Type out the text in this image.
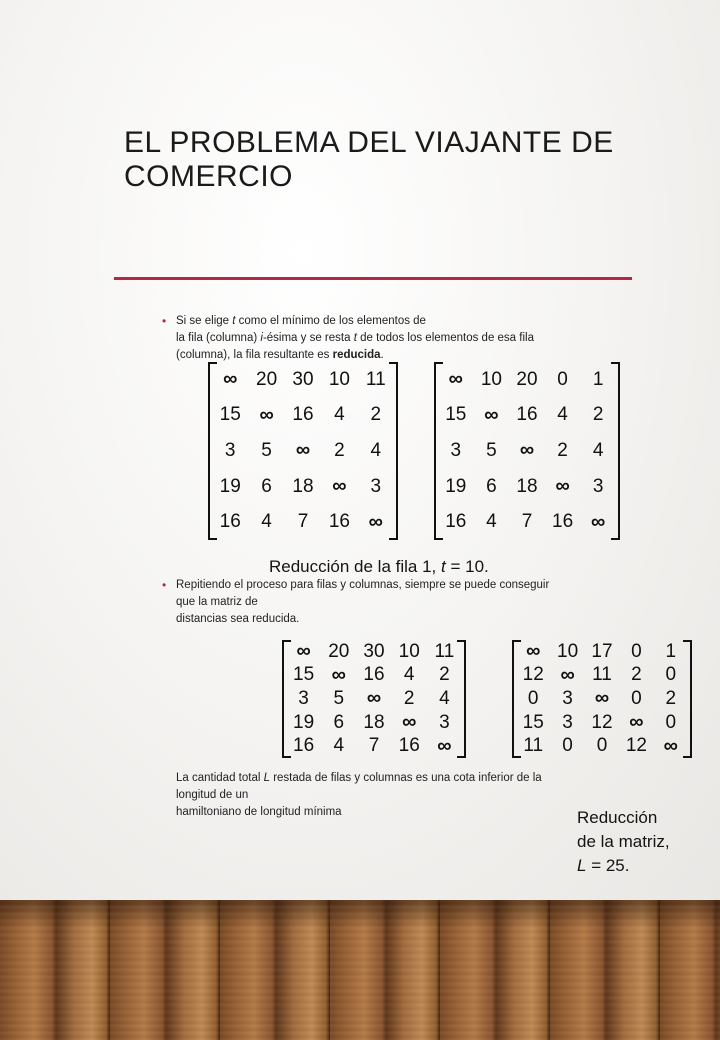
EL PROBLEMA DEL VIAJANTE DE COMERCIO
• Si se elige t como el mínimo de los elementos de
la fila (columna) i-ésima y se resta t de todos los elementos de esa fila
(columna), la fila resultante es reducida.
∞ 20 30 10 11
15 ∞ 16	4	2
3	5	∞	2	4
19	6	18 ∞	3
16	4	7	16 ∞
∞ 10 20	0	1
15 ∞ 16	4	2
3	5	∞	2	4
19	6	18 ∞	3
16	4	7	16 ∞
Reducción de la fila 1, t = 10.
• Repitiendo el proceso para filas y columnas, siempre se puede conseguir
que la matriz de
distancias sea reducida.
∞ 20 30 10 11
15 ∞ 16	4	2
3	5	∞	2	4
19	6	18 ∞	3
16	4	7	16 ∞
∞ 10 17 0	1
12 ∞ 11	2	0
0	3	∞	0	2
15 3 12 ∞	0
11	0	0 12 ∞
La cantidad total L restada de filas y columnas es una cota inferior de la
longitud de un
hamiltoniano de longitud mínima	Reducción
de la matriz,
L = 25.
